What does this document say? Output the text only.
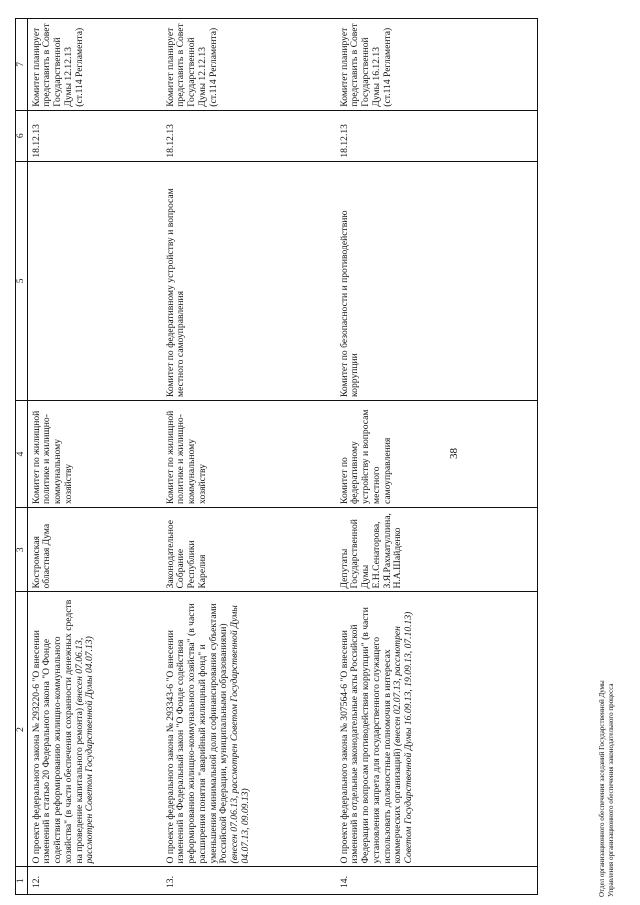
38
1	2	3	4	5	6	7
12.	О проекте федерального закона № 293220-6 "О внесении изменений в статью 20 Федерального закона "О Фонде содействия реформированию жилищно-коммунального хозяйства" (в части обеспечения сохранности денежных средств на проведение капитального ремонта) (внесен 07.06.13, рассмотрен Советом Государственной Думы 04.07.13)	Костромская областная Дума	Комитет по жилищной политике и жилищно-коммунальному хозяйству		18.12.13	Комитет планирует представить в Совет Государственной Думы 12.12.13 (ст.114 Регламента)
13.	О проекте федерального закона № 293343-6 "О внесении изменений в Федеральный закон "О Фонде содействия реформированию жилищно-коммунального хозяйства" (в части расширения понятия "аварийный жилищный фонд" и уменьшения минимальной доли софинансирования субъектами Российской Федерации, муниципальными образованиями) (внесен 07.06.13, рассмотрен Советом Государственной Думы 04.07.13, 09.09.13)	Законодательное Собрание Республики Карелия	Комитет по жилищной политике и жилищно-коммунальному хозяйству	Комитет по федеративному устройству и вопросам местного самоуправления	18.12.13	Комитет планирует представить в Совет Государственной Думы 12.12.13 (ст.114 Регламента)
14.	О проекте федерального закона № 307564-6 "О внесении изменений в отдельные законодательные акты Российской Федерации по вопросам противодействия коррупции" (в части установления запрета для государственного служащего использовать должностные полномочия в интересах коммерческих организаций) (внесен 02.07.13, рассмотрен Советом Государственной Думы 16.09.13, 19.09.13, 07.10.13)	Депутаты Государственной Думы Е.Н.Сенаторова, З.Я.Рахматуллина, Н.А.Шайденко	Комитет по федеративному устройству и вопросам местного самоуправления	Комитет по безопасности и противодействию коррупции	18.12.13	Комитет планирует представить в Совет Государственной Думы 16.12.13 (ст.114 Регламента)
Отдел организационного обеспечения заседаний Государственной Думы Управления организационного обеспечения законодательного процесса
